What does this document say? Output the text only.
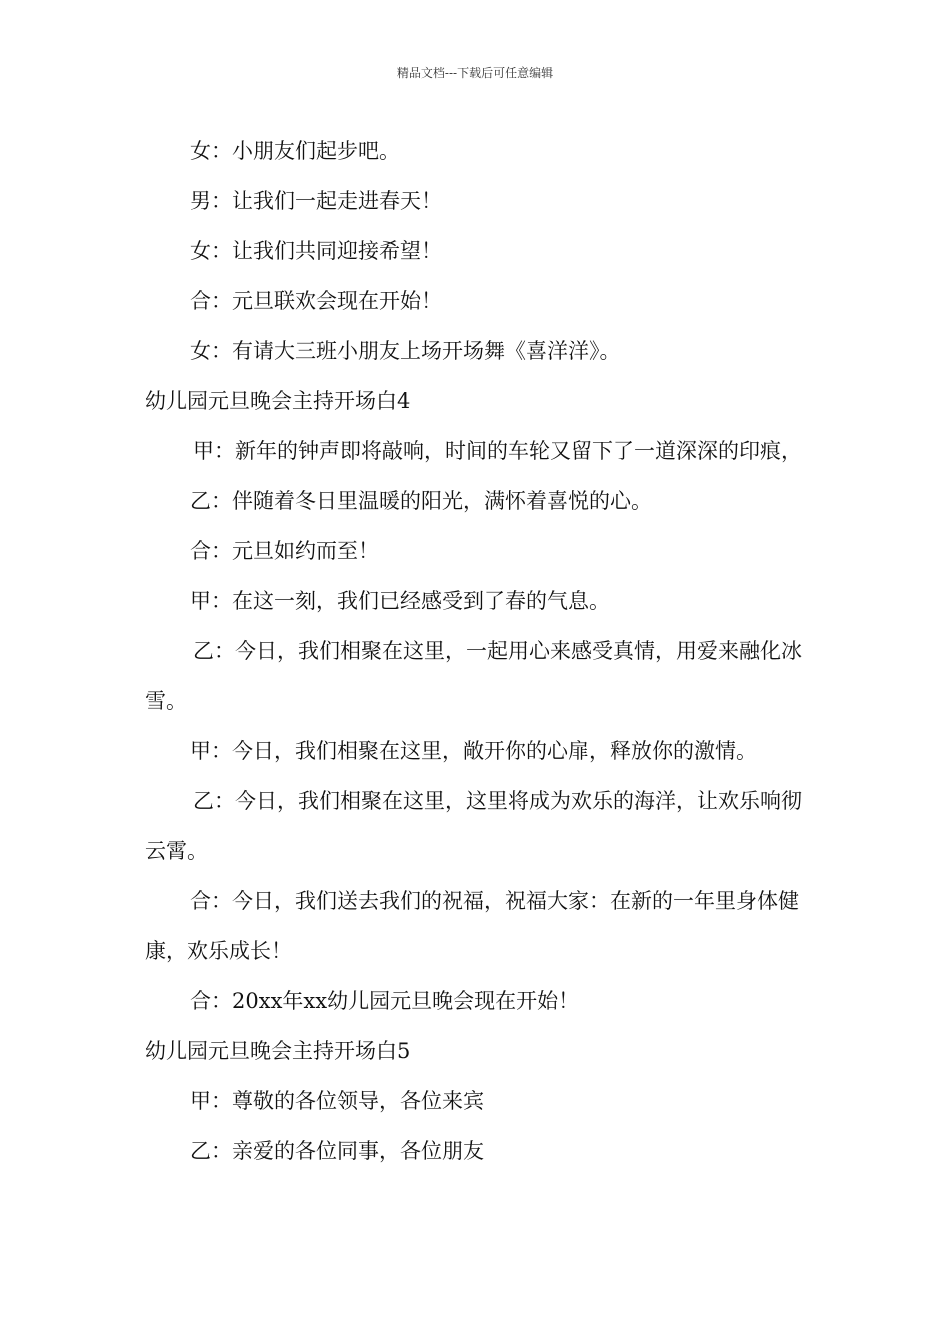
精品文档---下载后可任意编辑

女：小朋友们起步吧。

男：让我们一起走进春天！

女：让我们共同迎接希望！

合：元旦联欢会现在开始！

女：有请大三班小朋友上场开场舞《喜洋洋》。

幼儿园元旦晚会主持开场白4

甲：新年的钟声即将敲响，时间的车轮又留下了一道深深的印痕，

乙：伴随着冬日里温暖的阳光，满怀着喜悦的心。

合：元旦如约而至！

甲：在这一刻，我们已经感受到了春的气息。

乙：今日，我们相聚在这里，一起用心来感受真情，用爱来融化冰雪。

甲：今日，我们相聚在这里，敞开你的心扉，释放你的激情。

乙：今日，我们相聚在这里，这里将成为欢乐的海洋，让欢乐响彻云霄。

合：今日，我们送去我们的祝福，祝福大家：在新的一年里身体健康，欢乐成长！

合：20xx年xx幼儿园元旦晚会现在开始！

幼儿园元旦晚会主持开场白5

甲：尊敬的各位领导，各位来宾

乙：亲爱的各位同事，各位朋友
